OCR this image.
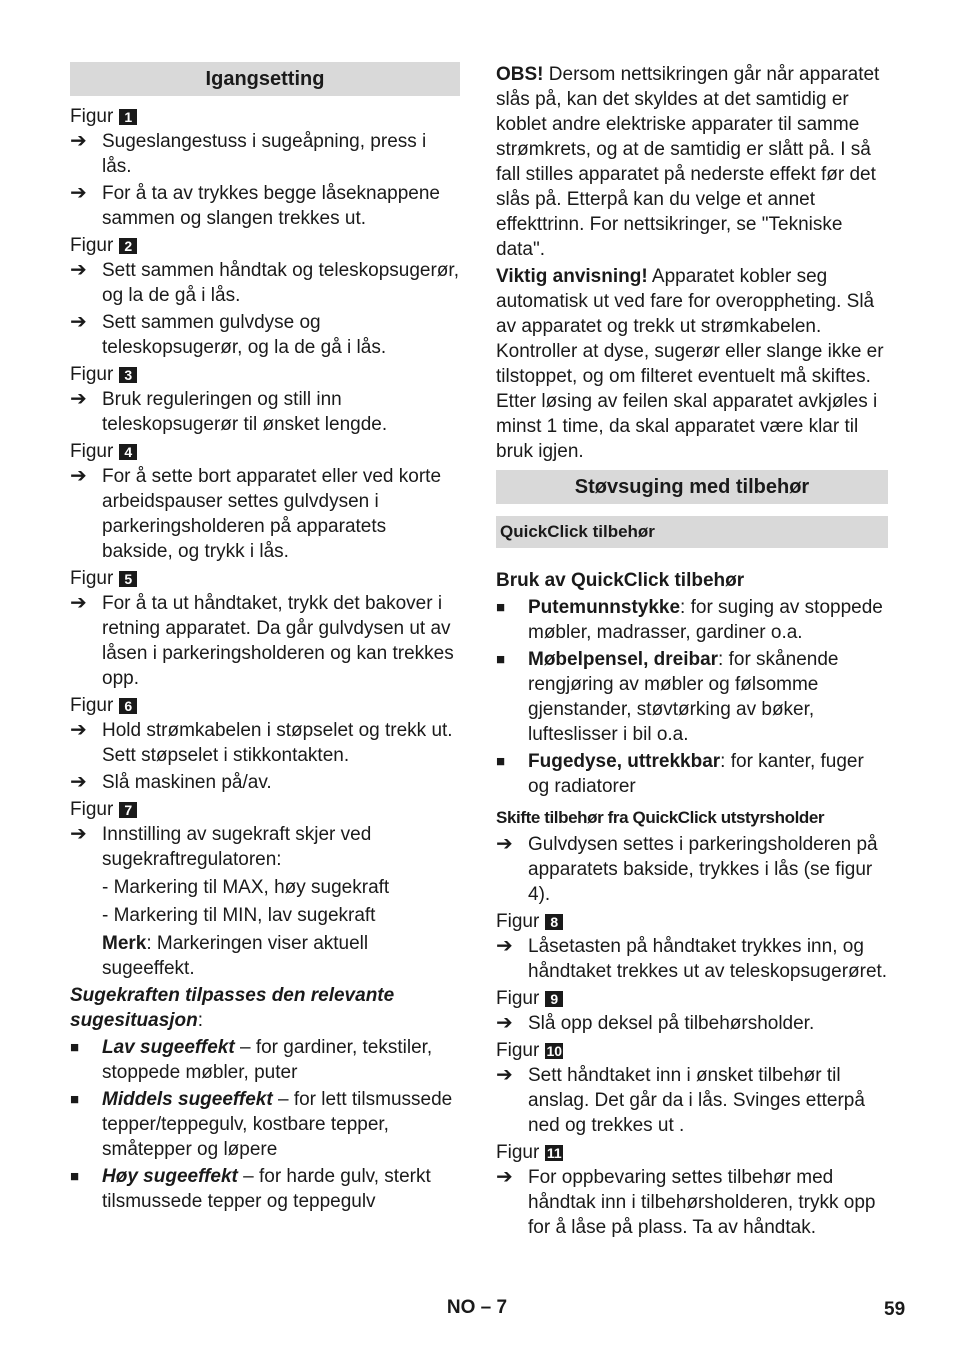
Igangsetting
Figur 1
➔ Sugeslangestuss i sugeåpning, press i lås.
➔ For å ta av trykkes begge låseknappene sammen og slangen trekkes ut.
Figur 2
➔ Sett sammen håndtak og teleskopsugerør, og la de gå i lås.
➔ Sett sammen gulvdyse og teleskopsugerør, og la de gå i lås.
Figur 3
➔ Bruk reguleringen og still inn teleskopsugerør til ønsket lengde.
Figur 4
➔ For å sette bort apparatet eller ved korte arbeidspauser settes gulvdysen i parkeringsholderen på apparatets bakside, og trykk i lås.
Figur 5
➔ For å ta ut håndtaket, trykk det bakover i retning apparatet. Da går gulvdysen ut av låsen i parkeringsholderen og kan trekkes opp.
Figur 6
➔ Hold strømkabelen i støpselet og trekk ut. Sett støpselet i stikkontakten.
➔ Slå maskinen på/av.
Figur 7
➔ Innstilling av sugekraft skjer ved sugekraftregulatoren:
- Markering til MAX, høy sugekraft
- Markering til MIN, lav sugekraft
Merk: Markeringen viser aktuell sugeeffekt.
Sugekraften tilpasses den relevante sugesituasjon:
■	Lav sugeeffekt – for gardiner, tekstiler, stoppede møbler, puter
■	Middels sugeeffekt – for lett tilsmussede tepper/teppegulv, kostbare tepper, småtepper og løpere
■	Høy sugeeffekt – for harde gulv, sterkt tilsmussede tepper og teppegulv
OBS! Dersom nettsikringen går når apparatet slås på, kan det skyldes at det samtidig er koblet andre elektriske apparater til samme strømkrets, og at de samtidig er slått på. I så fall stilles apparatet på nederste effekt før det slås på. Etterpå kan du velge et annet effekttrinn. For nettsikringer, se "Tekniske data".
Viktig anvisning! Apparatet kobler seg automatisk ut ved fare for overoppheting. Slå av apparatet og trekk ut strømkabelen. Kontroller at dyse, sugerør eller slange ikke er tilstoppet, og om filteret eventuelt må skiftes. Etter løsing av feilen skal apparatet avkjøles i minst 1 time, da skal apparatet være klar til bruk igjen.
Støvsuging med tilbehør
QuickClick tilbehør
Bruk av QuickClick tilbehør
■	Putemunnstykke: for suging av stoppede møbler, madrasser, gardiner o.a.
■	Møbelpensel, dreibar: for skånende rengjøring av møbler og følsomme gjenstander, støvtørking av bøker, lufteslisser i bil o.a.
■	Fugedyse, uttrekkbar: for kanter, fuger og radiatorer
Skifte tilbehør fra QuickClick utstyrsholder
➔ Gulvdysen settes i parkeringsholderen på apparatets bakside, trykkes i lås (se figur 4).
Figur 8
➔ Låsetasten på håndtaket trykkes inn, og håndtaket trekkes ut av teleskopsugerøret.
Figur 9
➔ Slå opp deksel på tilbehørsholder.
Figur 10
➔ Sett håndtaket inn i ønsket tilbehør til anslag. Det går da i lås. Svinges etterpå ned og trekkes ut .
Figur 11
➔ For oppbevaring settes tilbehør med håndtak inn i tilbehørsholderen, trykk opp for å låse på plass. Ta av håndtak.
NO – 7	59
